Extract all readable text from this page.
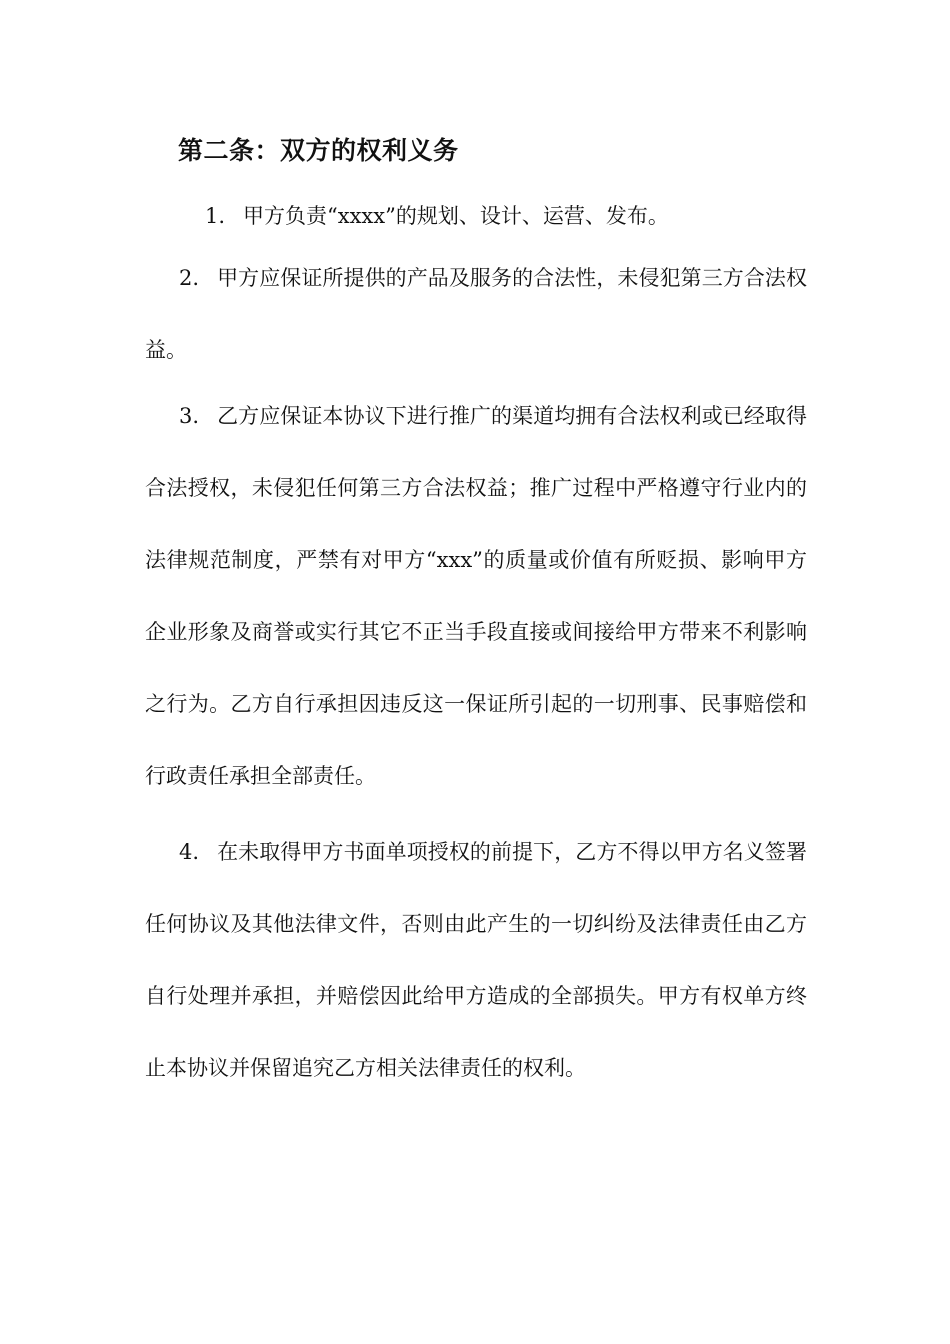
第二条：双方的权利义务

1. 甲方负责“xxxx”的规划、设计、运营、发布。

2. 甲方应保证所提供的产品及服务的合法性，未侵犯第三方合法权益。

3. 乙方应保证本协议下进行推广的渠道均拥有合法权利或已经取得合法授权，未侵犯任何第三方合法权益；推广过程中严格遵守行业内的法律规范制度，严禁有对甲方“xxx”的质量或价值有所贬损、影响甲方企业形象及商誉或实行其它不正当手段直接或间接给甲方带来不利影响之行为。乙方自行承担因违反这一保证所引起的一切刑事、民事赔偿和行政责任承担全部责任。

4. 在未取得甲方书面单项授权的前提下，乙方不得以甲方名义签署任何协议及其他法律文件，否则由此产生的一切纠纷及法律责任由乙方自行处理并承担，并赔偿因此给甲方造成的全部损失。甲方有权单方终止本协议并保留追究乙方相关法律责任的权利。
